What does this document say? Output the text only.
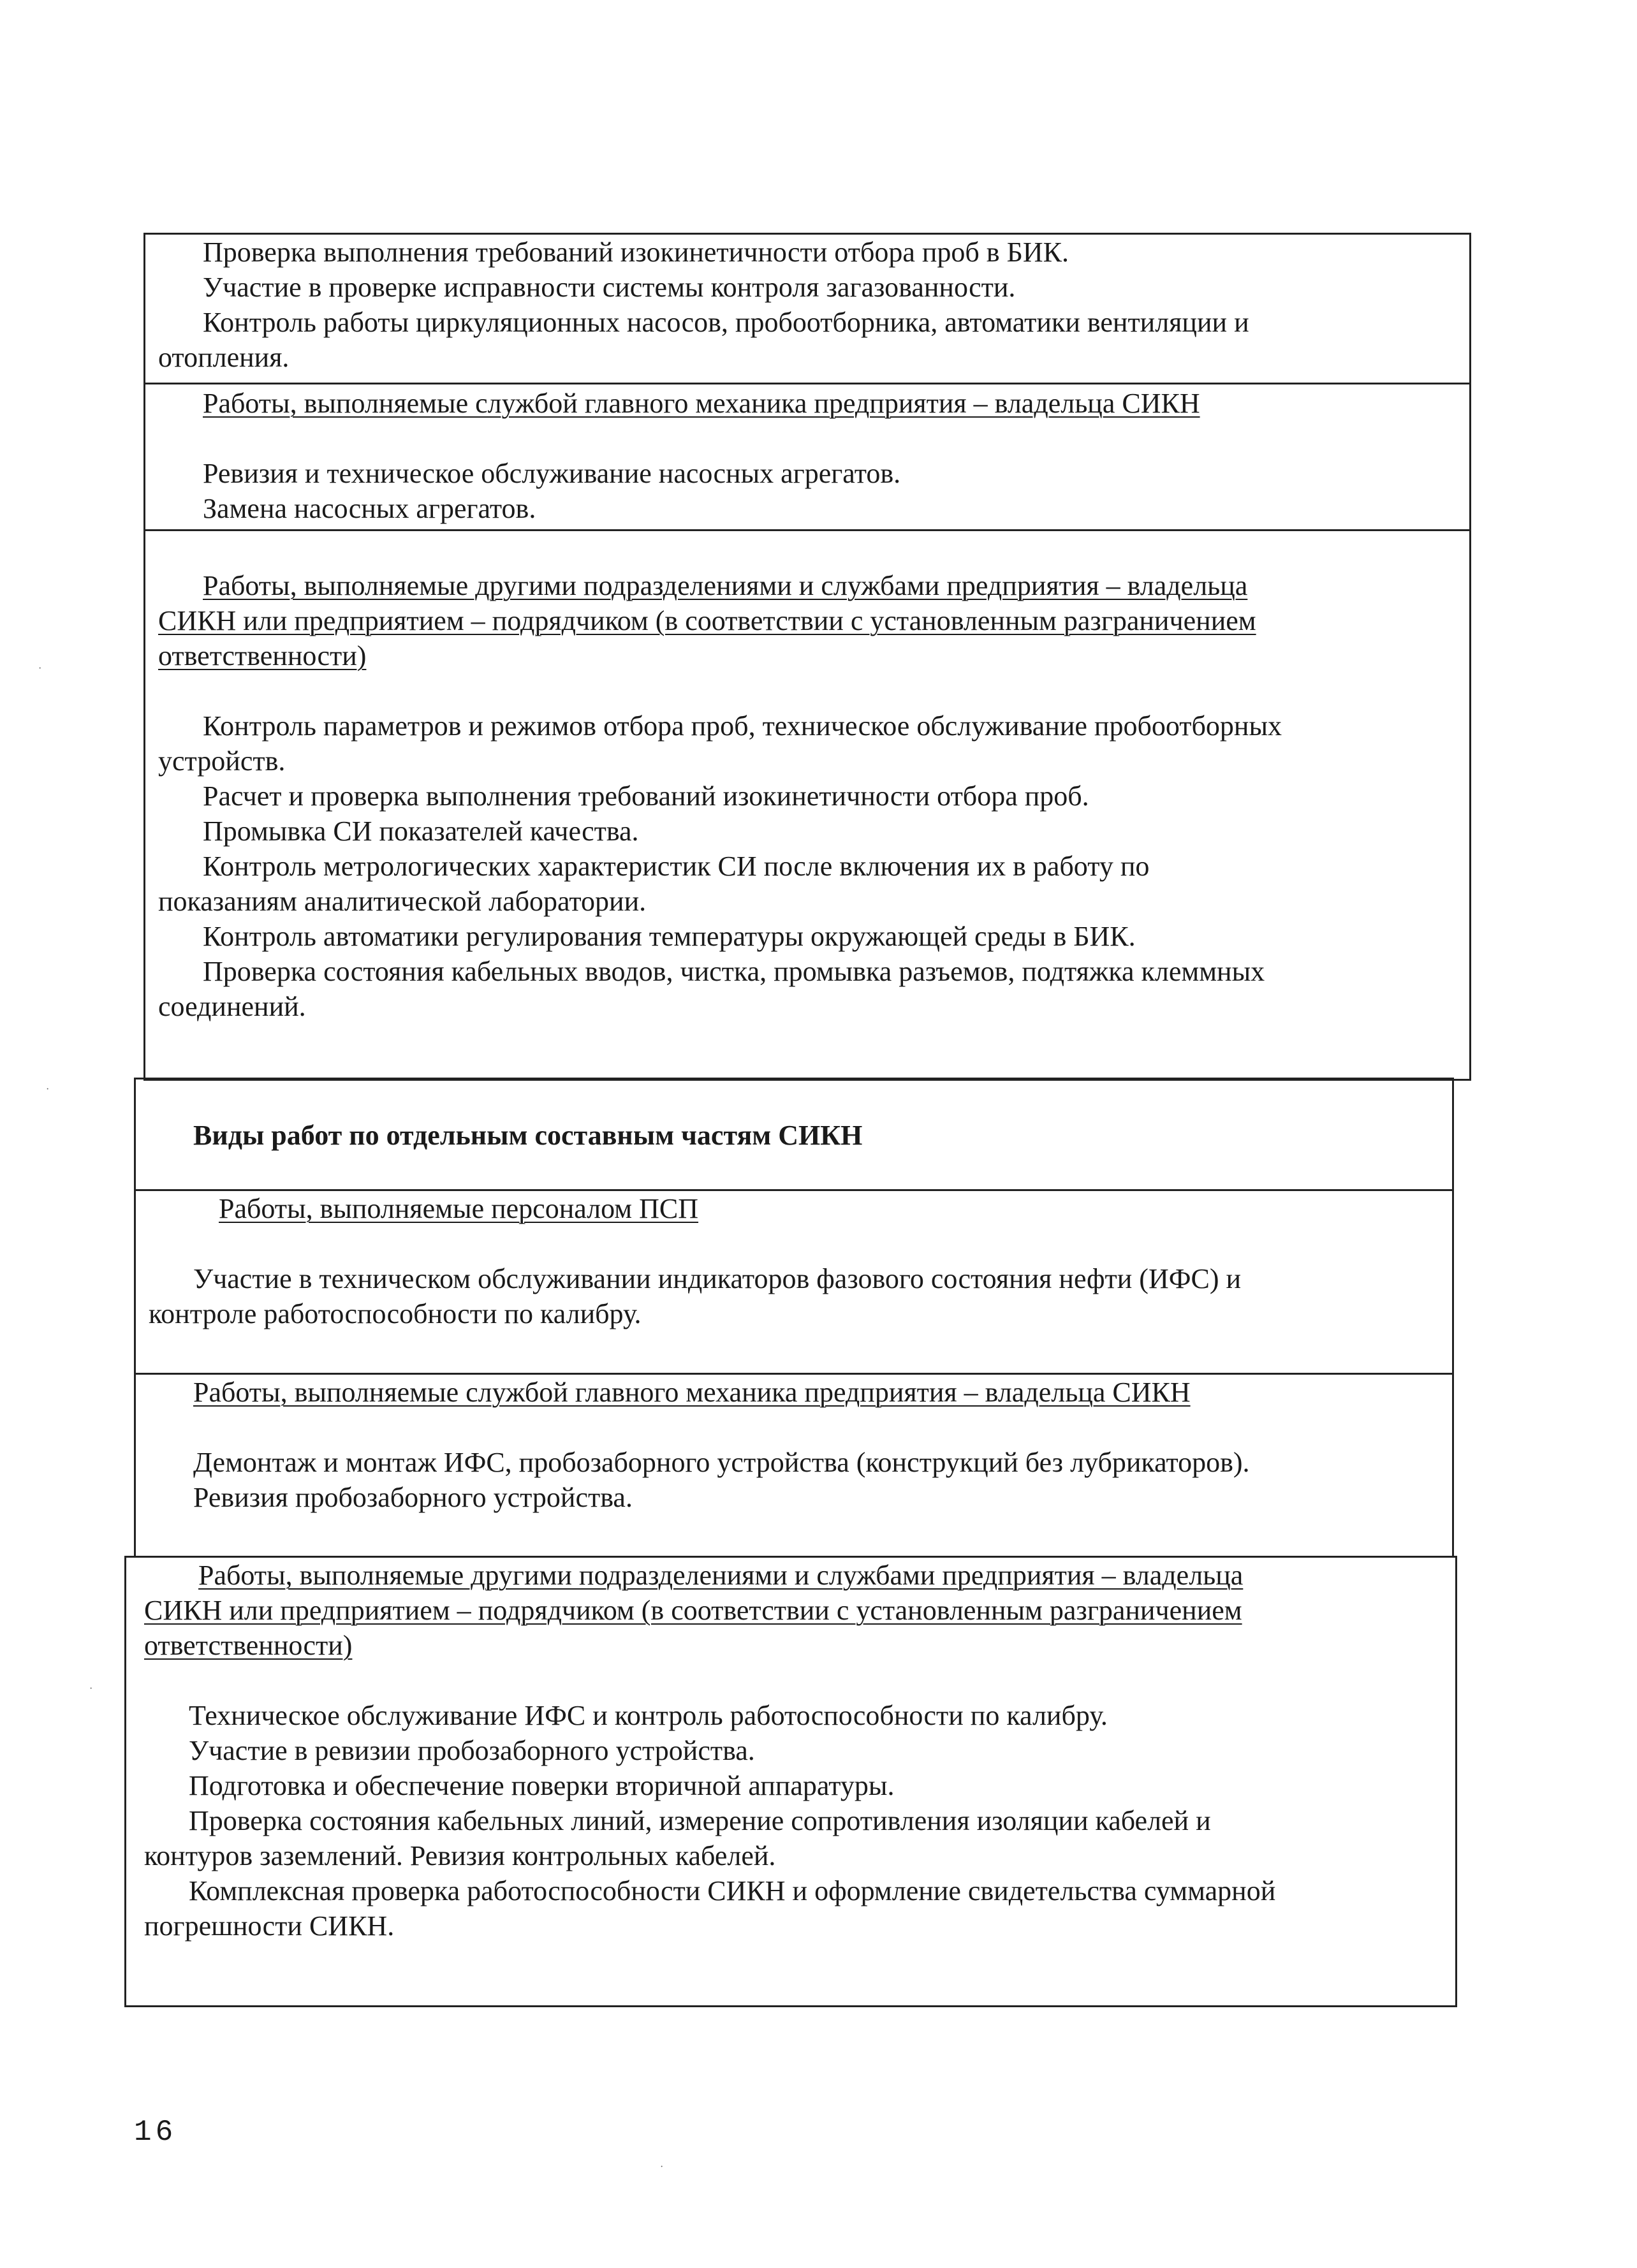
Проверка выполнения требований изокинетичности отбора проб в БИК.
Участие в проверке исправности системы контроля загазованности.
Контроль работы циркуляционных насосов, пробоотборника, автоматики вентиляции и
отопления.
Работы, выполняемые службой главного механика предприятия – владельца СИКН
Ревизия и техническое обслуживание насосных агрегатов.
Замена насосных агрегатов.
Работы, выполняемые другими подразделениями и службами предприятия – владельца
СИКН или предприятием – подрядчиком (в соответствии с установленным разграничением
ответственности)
Контроль параметров и режимов отбора проб, техническое обслуживание пробоотборных
устройств.
Расчет и проверка выполнения требований изокинетичности отбора проб.
Промывка СИ показателей качества.
Контроль метрологических характеристик СИ после включения их в работу по
показаниям аналитической лаборатории.
Контроль автоматики регулирования температуры окружающей среды в БИК.
Проверка состояния кабельных вводов, чистка, промывка разъемов, подтяжка клеммных
соединений.
Виды работ по отдельным составным частям СИКН
Работы, выполняемые персоналом ПСП
Участие в техническом обслуживании индикаторов фазового состояния нефти (ИФС) и
контроле работоспособности по калибру.
Работы, выполняемые службой главного механика предприятия – владельца СИКН
Демонтаж и монтаж ИФС, пробозаборного устройства (конструкций без лубрикаторов).
Ревизия пробозаборного устройства.
Работы, выполняемые другими подразделениями и службами предприятия – владельца
СИКН или предприятием – подрядчиком (в соответствии с установленным разграничением
ответственности)
Техническое обслуживание ИФС и контроль работоспособности по калибру.
Участие в ревизии пробозаборного устройства.
Подготовка и обеспечение поверки вторичной аппаратуры.
Проверка состояния кабельных линий, измерение сопротивления изоляции кабелей и
контуров заземлений. Ревизия контрольных кабелей.
Комплексная проверка работоспособности СИКН и оформление свидетельства суммарной
погрешности СИКН.
16
·
·
·
·
